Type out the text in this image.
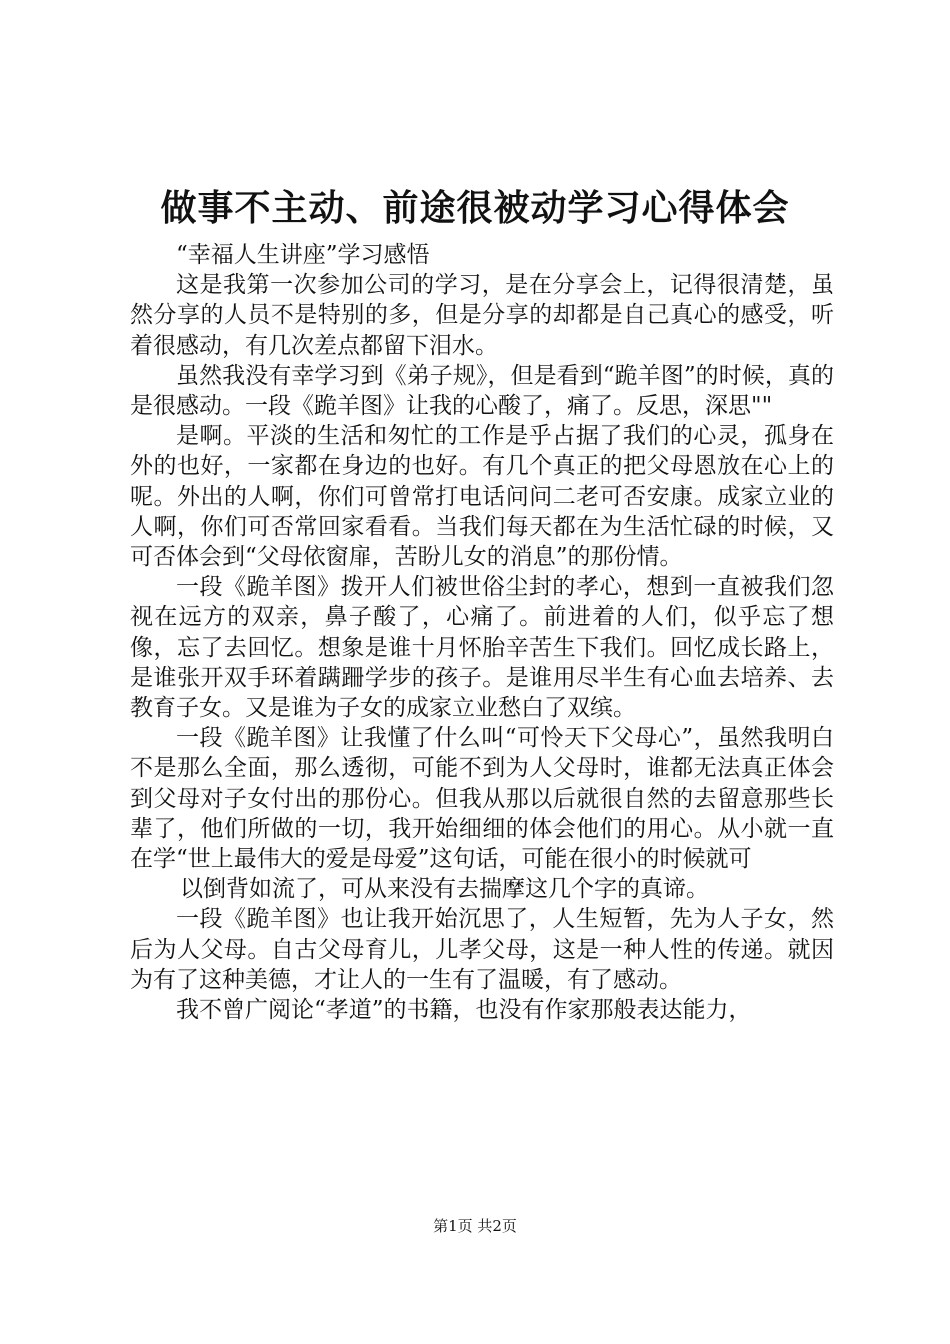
做事不主动、前途很被动学习心得体会

“幸福人生讲座”学习感悟

这是我第一次参加公司的学习，是在分享会上，记得很清楚，虽然分享的人员不是特别的多，但是分享的却都是自己真心的感受，听着很感动，有几次差点都留下泪水。

虽然我没有幸学习到《弟子规》，但是看到“跪羊图”的时候，真的是很感动。一段《跪羊图》让我的心酸了，痛了。反思，深思""

是啊。平淡的生活和匆忙的工作是乎占据了我们的心灵，孤身在外的也好，一家都在身边的也好。有几个真正的把父母恩放在心上的呢。外出的人啊，你们可曾常打电话问问二老可否安康。成家立业的人啊，你们可否常回家看看。当我们每天都在为生活忙碌的时候，又可否体会到“父母依窗扉，苦盼儿女的消息”的那份情。

一段《跪羊图》拨开人们被世俗尘封的孝心，想到一直被我们忽视在远方的双亲，鼻子酸了，心痛了。前进着的人们，似乎忘了想像，忘了去回忆。想象是谁十月怀胎辛苦生下我们。回忆成长路上，是谁张开双手环着蹒跚学步的孩子。是谁用尽半生有心血去培养、去教育子女。又是谁为子女的成家立业愁白了双缤。

一段《跪羊图》让我懂了什么叫“可怜天下父母心”，虽然我明白不是那么全面，那么透彻，可能不到为人父母时，谁都无法真正体会到父母对子女付出的那份心。但我从那以后就很自然的去留意那些长辈了，他们所做的一切，我开始细细的体会他们的用心。从小就一直在学“世上最伟大的爱是母爱”这句话，可能在很小的时候就可

以倒背如流了，可从来没有去揣摩这几个字的真谛。

一段《跪羊图》也让我开始沉思了，人生短暂，先为人子女，然后为人父母。自古父母育儿，儿孝父母，这是一种人性的传递。就因为有了这种美德，才让人的一生有了温暖，有了感动。

我不曾广阅论“孝道”的书籍，也没有作家那般表达能力，

第1页 共2页
